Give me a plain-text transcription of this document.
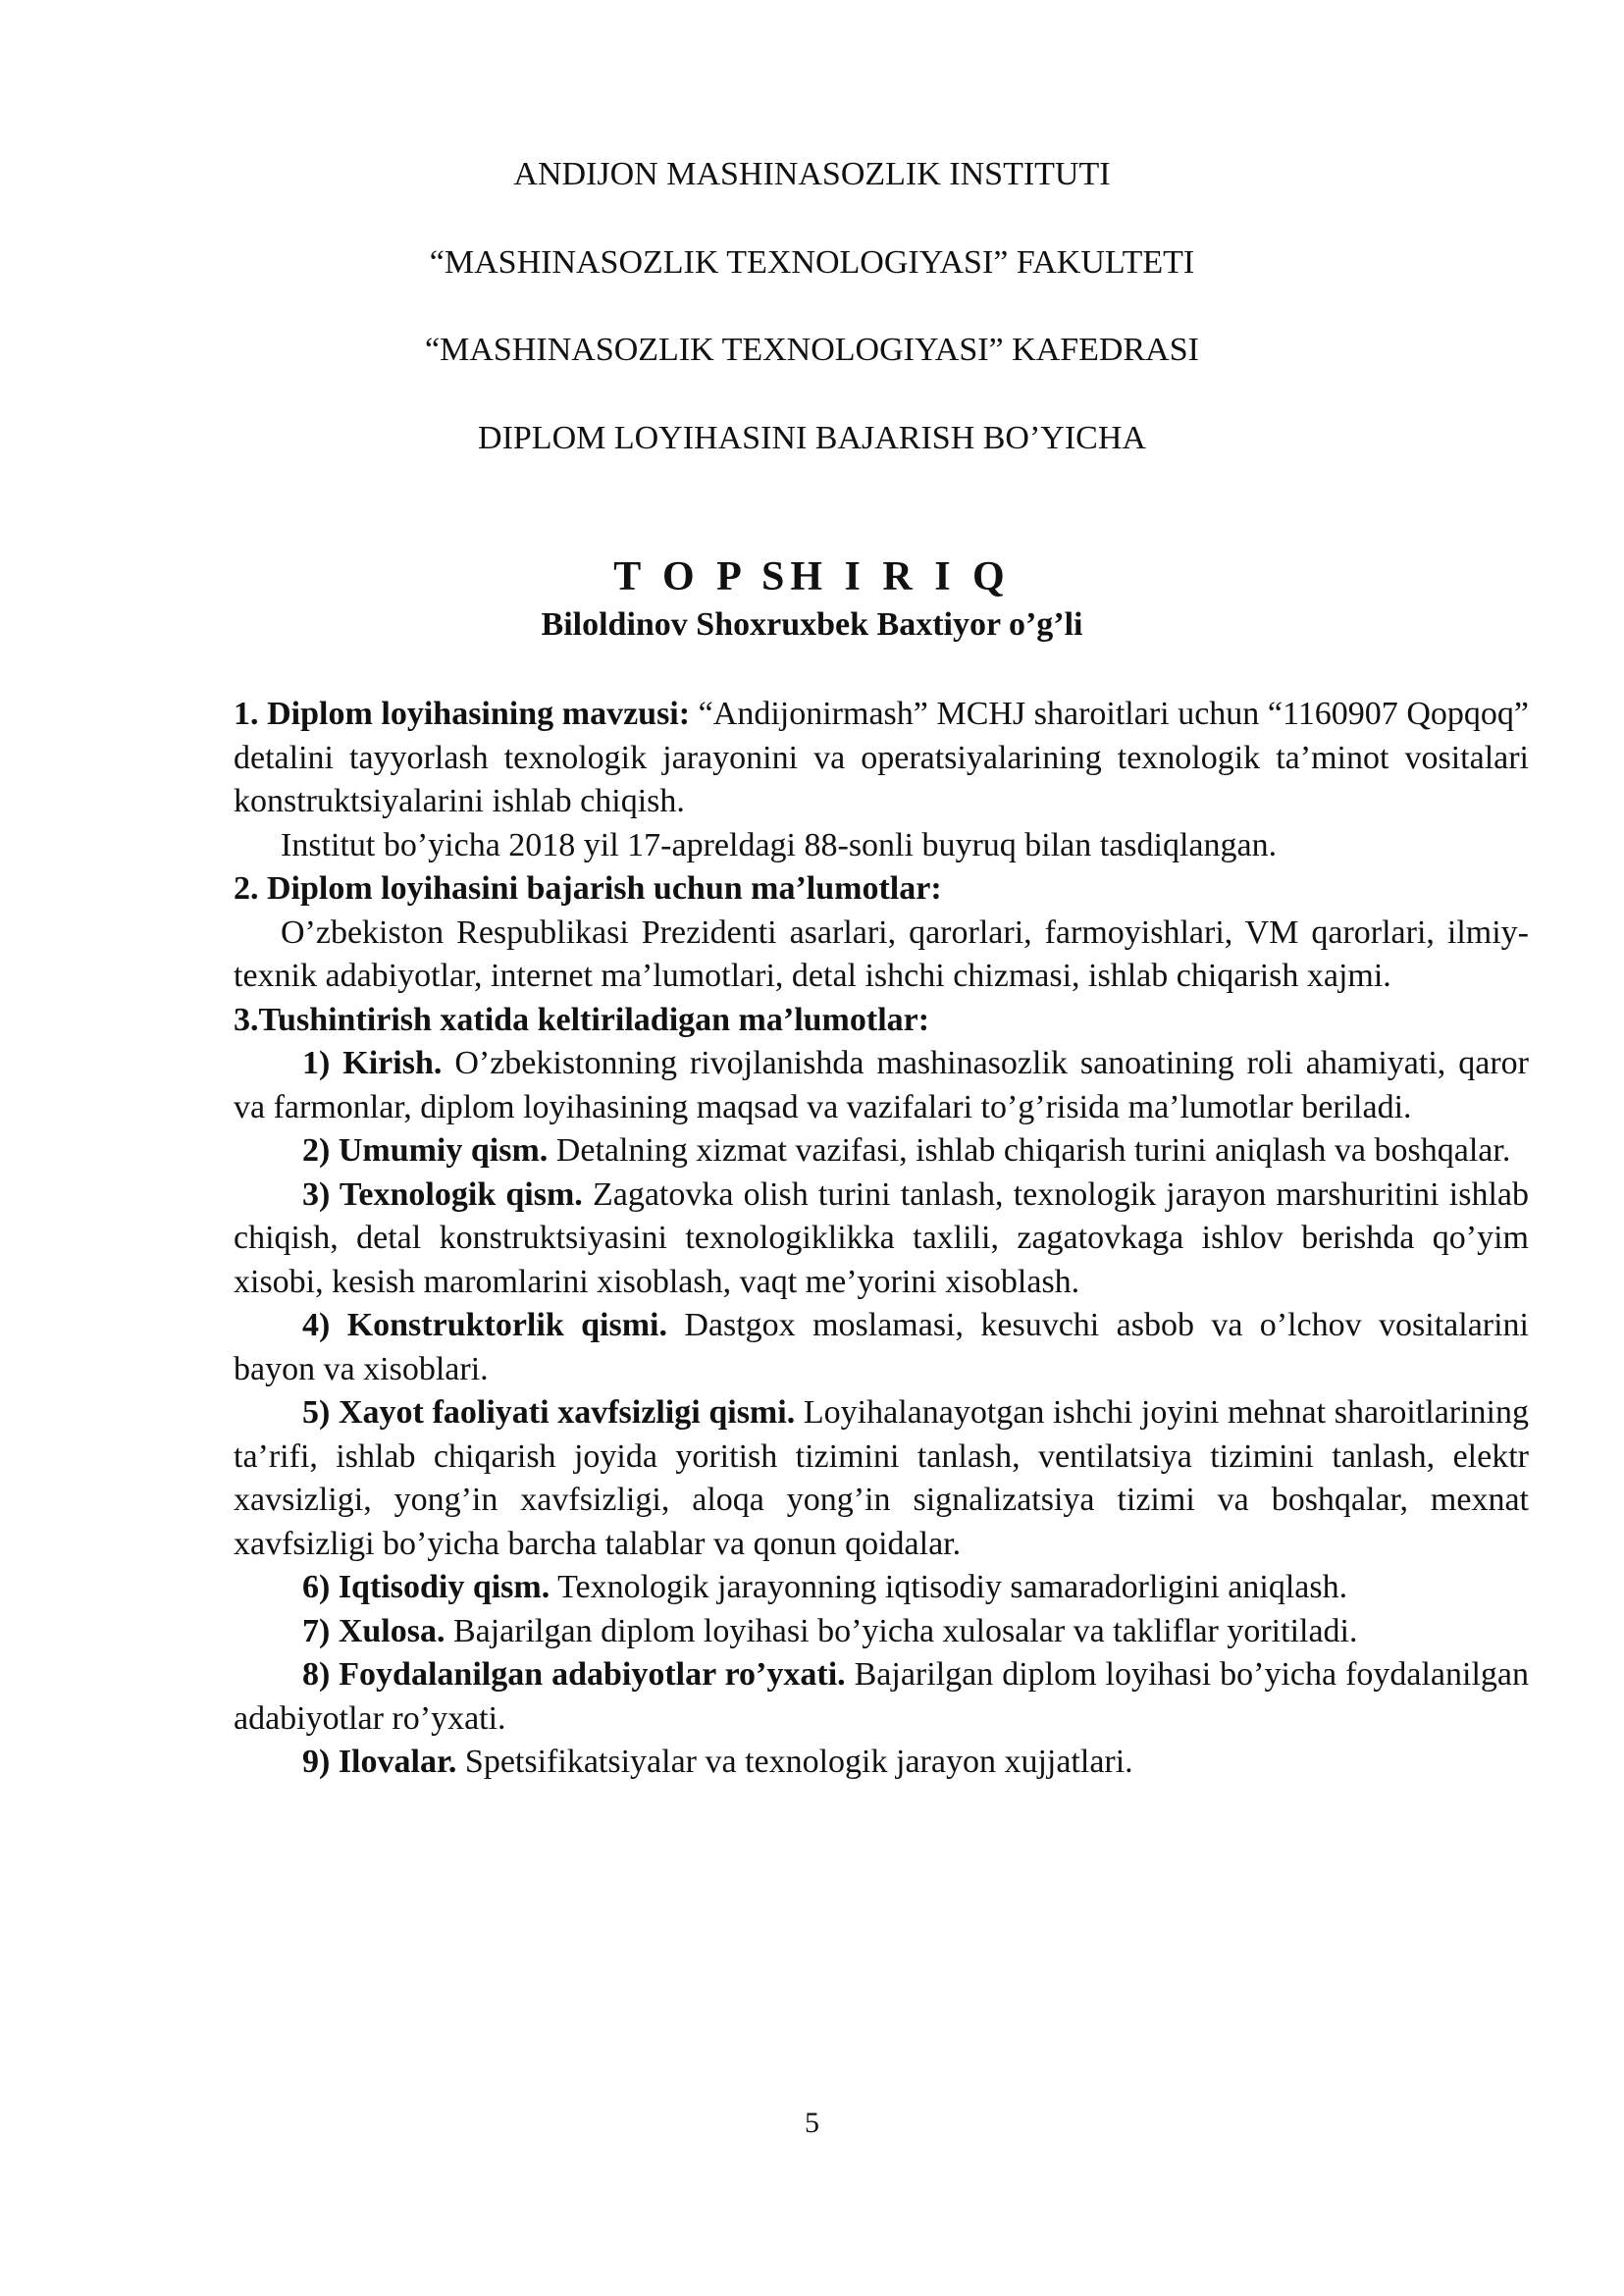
ANDIJON MASHINASOZLIK INSTITUTI
“MASHINASOZLIK TEXNOLOGIYASI” FAKULTETI
“MASHINASOZLIK TEXNOLOGIYASI” KAFEDRASI
DIPLOM LOYIHASINI BAJARISH BO’YICHA
T O P SH I R I Q
Biloldinov Shoxruxbek Baxtiyor o’g’li

1. Diplom loyihasining mavzusi: “Andijonirmash” MCHJ sharoitlari uchun “1160907 Qopqoq” detalini tayyorlash texnologik jarayonini va operatsiyalarining texnologik ta’minot vositalari konstruktsiyalarini ishlab chiqish.

Institut bo’yicha 2018 yil 17-apreldagi 88-sonli buyruq bilan tasdiqlangan.

2. Diplom loyihasini bajarish uchun ma’lumotlar:

O’zbekiston Respublikasi Prezidenti asarlari, qarorlari, farmoyishlari, VM qarorlari, ilmiy-texnik adabiyotlar, internet ma’lumotlari, detal ishchi chizmasi, ishlab chiqarish xajmi.

3.Tushintirish xatida keltiriladigan ma’lumotlar:

1) Kirish. O’zbekistonning rivojlanishda mashinasozlik sanoatining roli ahamiyati, qaror va farmonlar, diplom loyihasining maqsad va vazifalari to’g’risida ma’lumotlar beriladi.

2) Umumiy qism. Detalning xizmat vazifasi, ishlab chiqarish turini aniqlash va boshqalar.

3) Texnologik qism. Zagatovka olish turini tanlash, texnologik jarayon marshuritini ishlab chiqish, detal konstruktsiyasini texnologiklikka taxlili, zagatovkaga ishlov berishda qo’yim xisobi, kesish maromlarini xisoblash, vaqt me’yorini xisoblash.

4) Konstruktorlik qismi. Dastgox moslamasi, kesuvchi asbob va o’lchov vositalarini bayon va xisoblari.

5) Xayot faoliyati xavfsizligi qismi. Loyihalanayotgan ishchi joyini mehnat sharoitlarining ta’rifi, ishlab chiqarish joyida yoritish tizimini tanlash, ventilatsiya tizimini tanlash, elektr xavsizligi, yong’in xavfsizligi, aloqa yong’in signalizatsiya tizimi va boshqalar, mexnat xavfsizligi bo’yicha barcha talablar va qonun qoidalar.

6) Iqtisodiy qism. Texnologik jarayonning iqtisodiy samaradorligini aniqlash.

7) Xulosa. Bajarilgan diplom loyihasi bo’yicha xulosalar va takliflar yoritiladi.

8) Foydalanilgan adabiyotlar ro’yxati. Bajarilgan diplom loyihasi bo’yicha foydalanilgan adabiyotlar ro’yxati.

9) Ilovalar. Spetsifikatsiyalar va texnologik jarayon xujjatlari.

5
